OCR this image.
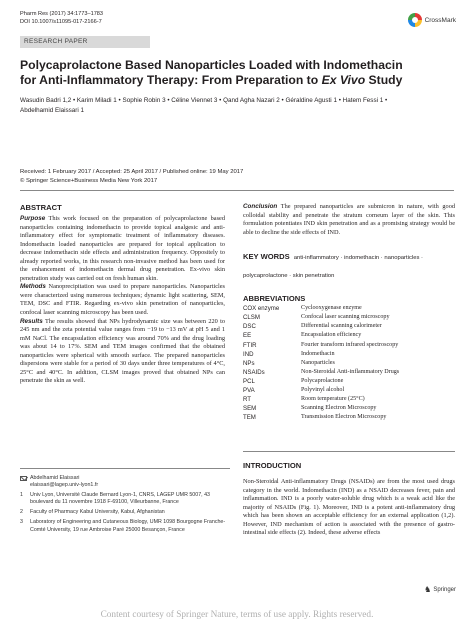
Pharm Res (2017) 34:1773–1783
DOI 10.1007/s11095-017-2166-7	CrossMark
RESEARCH PAPER
Polycaprolactone Based Nanoparticles Loaded with Indomethacin
for Anti-Inflammatory Therapy: From Preparation to Ex Vivo Study
Wasudin Badri 1,2 • Karim Miladi 1 • Sophie Robin 3 • Céline Viennet 3 • Qand Agha Nazari 2 • Géraldine Agusti 1 • Hatem Fessi 1 •
Abdelhamid Elaissari 1
Received: 1 February 2017 / Accepted: 25 April 2017 / Published online: 19 May 2017
© Springer Science+Business Media New York 2017
ABSTRACT

Purpose This work focused on the preparation of polycaprolactone based nanoparticles containing indomethacin to provide topical analgesic and anti-inflammatory effect for symptomatic treatment of inflammatory diseases. Indomethacin loaded nanoparticles are prepared for topical application to decrease indomethacin side effects and administration frequency. Oppositely to already reported works, in this research non-invasive method has been used for the enhancement of indomethacin dermal drug penetration. Ex-vivo skin penetration study was carried out on fresh human skin.

Methods Nanoprecipitation was used to prepare nanoparticles. Nanoparticles were characterized using numerous techniques; dynamic light scattering, SEM, TEM, DSC and FTIR. Regarding ex-vivo skin penetration of nanoparticles, confocal laser scanning microscopy has been used.

Results The results showed that NPs hydrodynamic size was between 220 to 245 nm and the zeta potential value ranges from −19 to −13 mV at pH 5 and 1 mM NaCl. The encapsulation efficiency was around 70% and the drug loading was about 14 to 17%. SEM and TEM images confirmed that the obtained nanoparticles were spherical with smooth surface. The prepared nanoparticles dispersions were stable for a period of 30 days under three temperatures of 4°C, 25°C and 40°C. In addition, CLSM images proved that obtained NPs can penetrate the skin as well.

Abdelhamid Elaissari
elaissari@lagep.univ-lyon1.fr
1	Univ Lyon, Université Claude Bernard Lyon-1, CNRS, LAGEP UMR 5007, 43 boulevard du 11 novembre 1918 F-69100, Villeurbanne, France
2	Faculty of Pharmacy Kabul University, Kabul, Afghanistan
3	Laboratory of Engineering and Cutaneous Biology, UMR 1098 Bourgogne Franche-Comté University, 19 rue Ambroise Paré 25000 Besançon, France

Conclusion The prepared nanoparticles are submicron in nature, with good colloidal stability and penetrate the stratum corneum layer of the skin. This formulation potentiates IND skin penetration and as a promising strategy would be able to decline the side effects of IND.

KEY WORDS anti-inflammatory · indomethacin · nanoparticles · polycaprolactone · skin penetration
ABBREVIATIONS
COX enzyme	Cyclooxygenase enzyme
CLSM	Confocal laser scanning microscopy
DSC	Differential scanning calorimeter
EE	Encapsulation efficiency
FTIR	Fourier transform infrared spectroscopy
IND	Indomethacin
NPs	Nanoparticles
NSAIDs	Non-Steroidal Anti-inflammatory Drugs
PCL	Polycaprolactone
PVA	Polyvinyl alcohol
RT	Room temperature (25°C)
SEM	Scanning Electron Microscopy
TEM	Transmission Electron Microscopy
INTRODUCTION

Non-Steroidal Anti-inflammatory Drugs (NSAIDs) are from the most used drugs category in the world. Indomethacin (IND) as a NSAID decreases fever, pain and inflammation. IND is a poorly water-soluble drug which is a weak acid like the majority of NSAIDs (Fig. 1). Moreover, IND is a potent anti-inflammatory drug which has been shown an acceptable efficiency for an external application (1,2). However, IND mechanism of action is associated with the presence of gastro-intestinal side effects (2). Indeed, these adverse effects

♞ Springer
Content courtesy of Springer Nature, terms of use apply. Rights reserved.
